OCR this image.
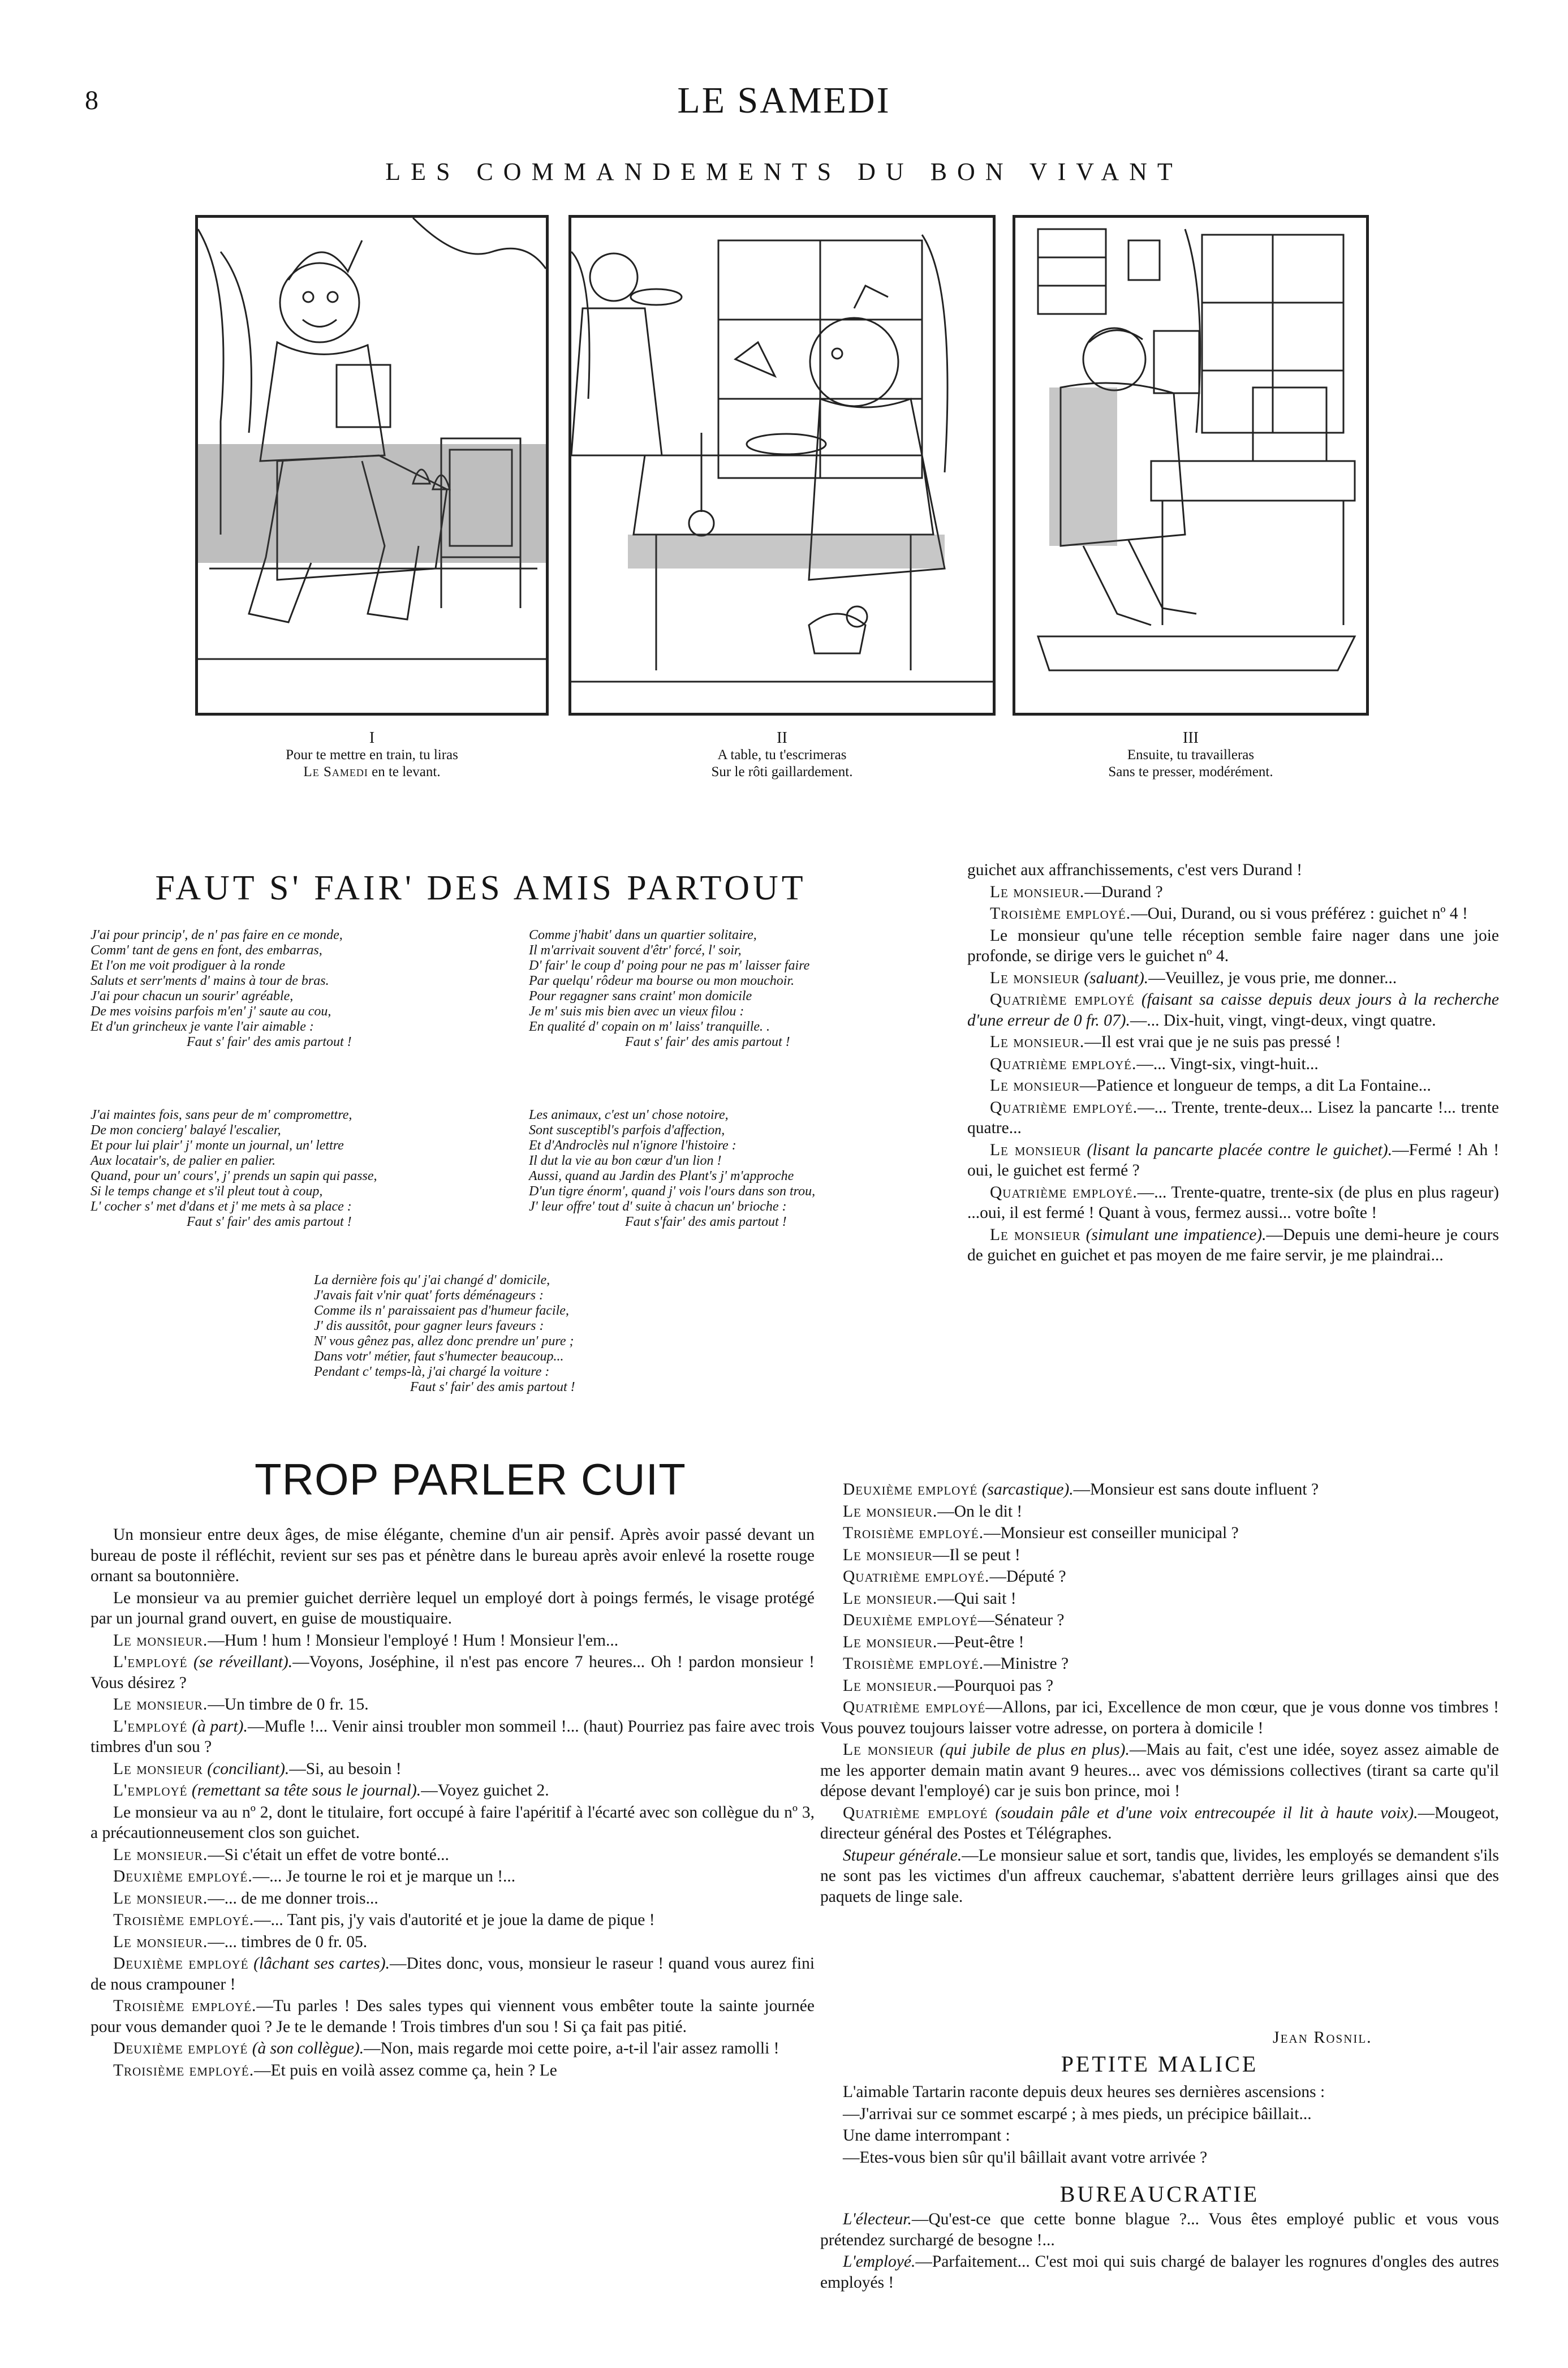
8	LE SAMEDI
LES COMMANDEMENTS DU BON VIVANT
I
Pour te mettre en train, tu liras
Le Samedi en te levant.
II
A table, tu t'escrimeras
Sur le rôti gaillardement.
III
Ensuite, tu travailleras
Sans te presser, modérément.
FAUT S' FAIR' DES AMIS PARTOUT
J'ai pour princip', de n' pas faire en ce monde,
Comm' tant de gens en font, des embarras,
Et l'on me voit prodiguer à la ronde
Saluts et serr'ments d' mains à tour de bras.
J'ai pour chacun un sourir' agréable,
De mes voisins parfois m'en' j' saute au cou,
Et d'un grincheux je vante l'air aimable :
Faut s' fair' des amis partout !
Comme j'habit' dans un quartier solitaire,
Il m'arrivait souvent d'êtr' forcé, l' soir,
D' fair' le coup d' poing pour ne pas m' laisser faire
Par quelqu' rôdeur ma bourse ou mon mouchoir.
Pour regagner sans craint' mon domicile
Je m' suis mis bien avec un vieux filou :
En qualité d' copain on m' laiss' tranquille. .
Faut s' fair' des amis partout !
J'ai maintes fois, sans peur de m' compromettre,
De mon concierg' balayé l'escalier,
Et pour lui plair' j' monte un journal, un' lettre
Aux locatair's, de palier en palier.
Quand, pour un' cours', j' prends un sapin qui passe,
Si le temps change et s'il pleut tout à coup,
L' cocher s' met d'dans et j' me mets à sa place :
Faut s' fair' des amis partout !
Les animaux, c'est un' chose notoire,
Sont susceptibl's parfois d'affection,
Et d'Androclès nul n'ignore l'histoire :
Il dut la vie au bon cœur d'un lion !
Aussi, quand au Jardin des Plant's j' m'approche
D'un tigre énorm', quand j' vois l'ours dans son trou,
J' leur offre' tout d' suite à chacun un' brioche :
Faut s'fair' des amis partout !
La dernière fois qu' j'ai changé d' domicile,
J'avais fait v'nir quat' forts déménageurs :
Comme ils n' paraissaient pas d'humeur facile,
J' dis aussitôt, pour gagner leurs faveurs :
N' vous gênez pas, allez donc prendre un' pure ;
Dans votr' métier, faut s'humecter beaucoup...
Pendant c' temps-là, j'ai chargé la voiture :
Faut s' fair' des amis partout !
TROP PARLER CUIT

Un monsieur entre deux âges, de mise élégante, chemine d'un air pensif. Après avoir passé devant un bureau de poste il réfléchit, revient sur ses pas et pénètre dans le bureau après avoir enlevé la rosette rouge ornant sa boutonnière.

Le monsieur va au premier guichet derrière lequel un employé dort à poings fermés, le visage protégé par un journal grand ouvert, en guise de moustiquaire.

Le monsieur.—Hum ! hum ! Monsieur l'employé ! Hum ! Monsieur l'em...

L'employé (se réveillant).—Voyons, Joséphine, il n'est pas encore 7 heures... Oh ! pardon monsieur ! Vous désirez ?

Le monsieur.—Un timbre de 0 fr. 15.

L'employé (à part).—Mufle !... Venir ainsi troubler mon sommeil !... (haut) Pourriez pas faire avec trois timbres d'un sou ?

Le monsieur (conciliant).—Si, au besoin !

L'employé (remettant sa tête sous le journal).—Voyez guichet 2.

Le monsieur va au nº 2, dont le titulaire, fort occupé à faire l'apéritif à l'écarté avec son collègue du nº 3, a précautionneusement clos son guichet.

Le monsieur.—Si c'était un effet de votre bonté...

Deuxième employé.—... Je tourne le roi et je marque un !...

Le monsieur.—... de me donner trois...

Troisième employé.—... Tant pis, j'y vais d'autorité et je joue la dame de pique !

Le monsieur.—... timbres de 0 fr. 05.

Deuxième employé (lâchant ses cartes).—Dites donc, vous, monsieur le raseur ! quand vous aurez fini de nous crampouner !

Troisième employé.—Tu parles ! Des sales types qui viennent vous embêter toute la sainte journée pour vous demander quoi ? Je te le demande ! Trois timbres d'un sou ! Si ça fait pas pitié.

Deuxième employé (à son collègue).—Non, mais regarde moi cette poire, a-t-il l'air assez ramolli !

Troisième employé.—Et puis en voilà assez comme ça, hein ? Le

guichet aux affranchissements, c'est vers Durand !

Le monsieur.—Durand ?

Troisième employé.—Oui, Durand, ou si vous préférez : guichet nº 4 !

Le monsieur qu'une telle réception semble faire nager dans une joie profonde, se dirige vers le guichet nº 4.

Le monsieur (saluant).—Veuillez, je vous prie, me donner...

Quatrième employé (faisant sa caisse depuis deux jours à la recherche d'une erreur de 0 fr. 07).—... Dix-huit, vingt, vingt-deux, vingt quatre.

Le monsieur.—Il est vrai que je ne suis pas pressé !

Quatrième employé.—... Vingt-six, vingt-huit...

Le monsieur—Patience et longueur de temps, a dit La Fontaine...

Quatrième employé.—... Trente, trente-deux... Lisez la pancarte !... trente quatre...

Le monsieur (lisant la pancarte placée contre le guichet).—Fermé ! Ah ! oui, le guichet est fermé ?

Quatrième employé.—... Trente-quatre, trente-six (de plus en plus rageur) ...oui, il est fermé ! Quant à vous, fermez aussi... votre boîte !

Le monsieur (simulant une impatience).—Depuis une demi-heure je cours de guichet en guichet et pas moyen de me faire servir, je me plaindrai...

Deuxième employé (sarcastique).—Monsieur est sans doute influent ?

Le monsieur.—On le dit !

Troisième employé.—Monsieur est conseiller municipal ?

Le monsieur—Il se peut !

Quatrième employé.—Député ?

Le monsieur.—Qui sait !

Deuxième employé—Sénateur ?

Le monsieur.—Peut-être !

Troisième employé.—Ministre ?

Le monsieur.—Pourquoi pas ?

Quatrième employé—Allons, par ici, Excellence de mon cœur, que je vous donne vos timbres ! Vous pouvez toujours laisser votre adresse, on portera à domicile !

Le monsieur (qui jubile de plus en plus).—Mais au fait, c'est une idée, soyez assez aimable de me les apporter demain matin avant 9 heures... avec vos démissions collectives (tirant sa carte qu'il dépose devant l'employé) car je suis bon prince, moi !

Quatrième employé (soudain pâle et d'une voix entrecoupée il lit à haute voix).—Mougeot, directeur général des Postes et Télégraphes.

Stupeur générale.—Le monsieur salue et sort, tandis que, livides, les employés se demandent s'ils ne sont pas les victimes d'un affreux cauchemar, s'abattent derrière leurs grillages ainsi que des paquets de linge sale.

Jean Rosnil.
PETITE MALICE

L'aimable Tartarin raconte depuis deux heures ses dernières ascensions :

—J'arrivai sur ce sommet escarpé ; à mes pieds, un précipice bâillait...

Une dame interrompant :

—Etes-vous bien sûr qu'il bâillait avant votre arrivée ?

BUREAUCRATIE

L'électeur.—Qu'est-ce que cette bonne blague ?... Vous êtes employé public et vous vous prétendez surchargé de besogne !...

L'employé.—Parfaitement... C'est moi qui suis chargé de balayer les rognures d'ongles des autres employés !
